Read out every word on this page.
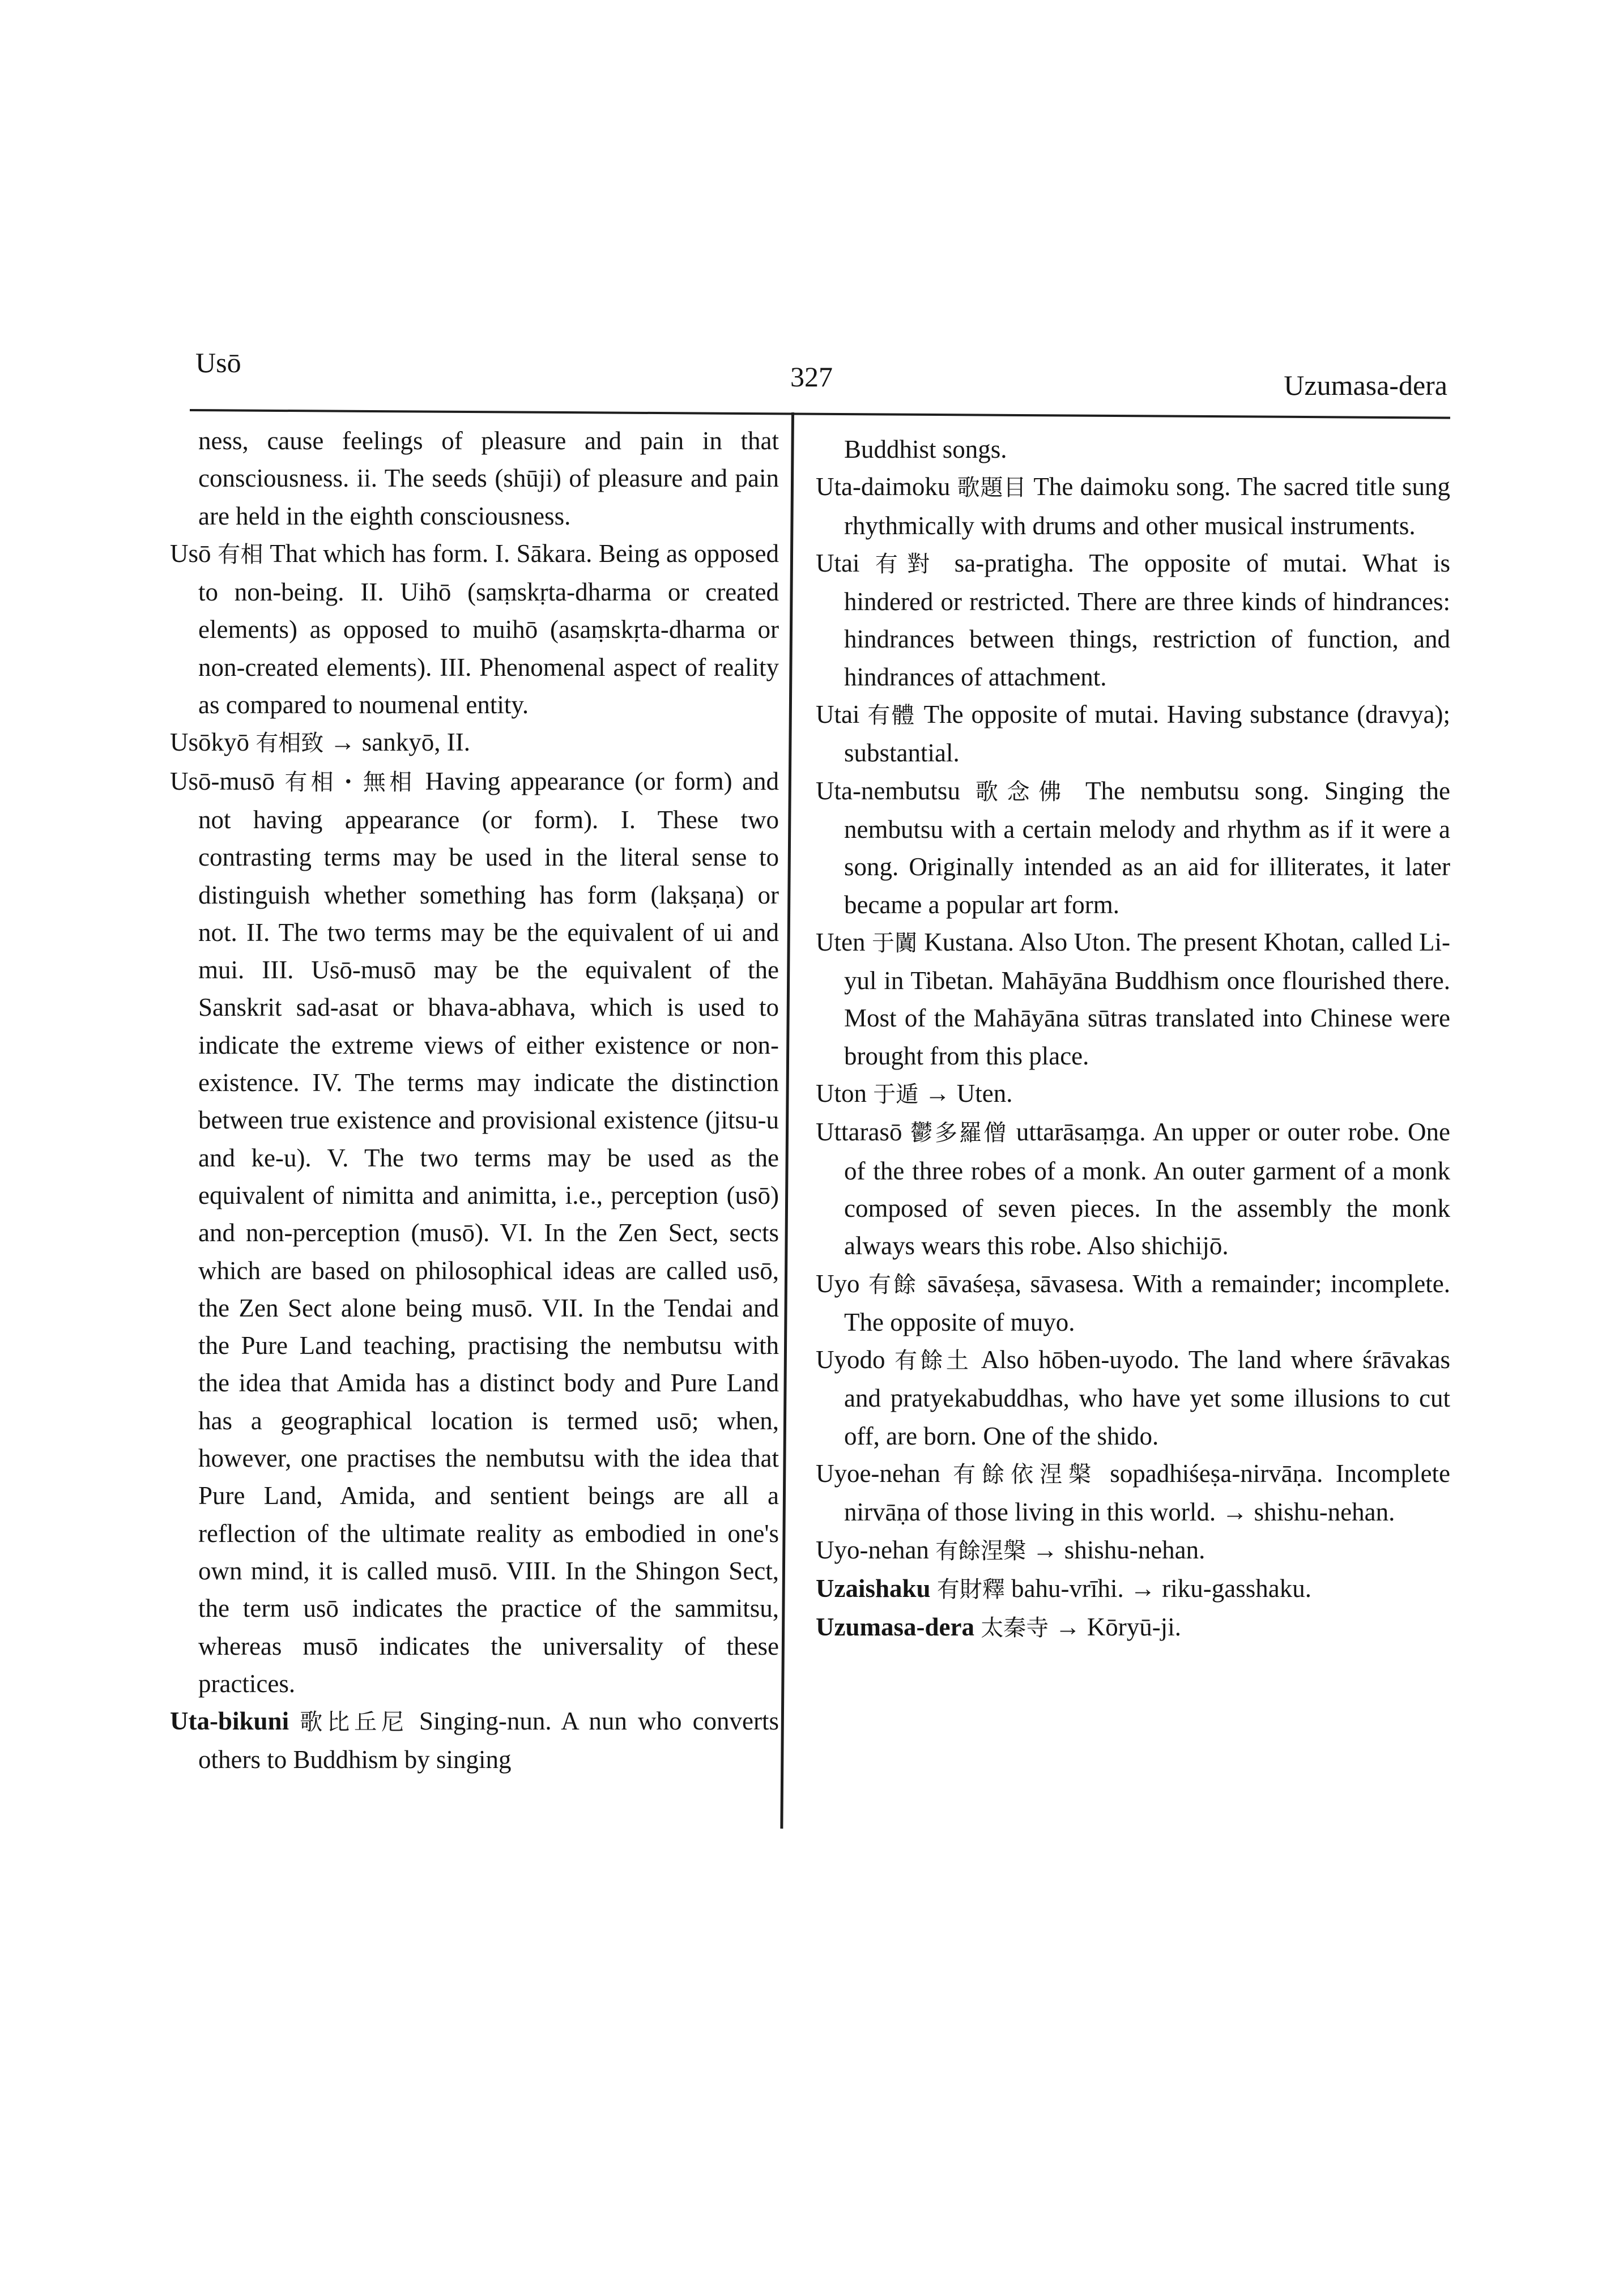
Usō	327	Uzumasa-dera

ness, cause feelings of pleasure and pain in that consciousness. ii. The seeds (shūji) of pleasure and pain are held in the eighth consciousness.

Usō 有相 That which has form. I. Sākara. Being as opposed to non-being. II. Uihō (saṃskṛta-dharma or created elements) as opposed to muihō (asaṃskṛta-dharma or non-created elements). III. Phenomenal aspect of reality as compared to noumenal entity.

Usōkyō 有相致 → sankyō, II.

Usō-musō 有相・無相 Having appearance (or form) and not having appearance (or form). I. These two contrasting terms may be used in the literal sense to distinguish whether something has form (lakṣaṇa) or not. II. The two terms may be the equivalent of ui and mui. III. Usō-musō may be the equivalent of the Sanskrit sad-asat or bhava-abhava, which is used to indicate the extreme views of either existence or non-existence. IV. The terms may indicate the distinction between true existence and provisional existence (jitsu-u and ke-u). V. The two terms may be used as the equivalent of nimitta and animitta, i.e., perception (usō) and non-perception (musō). VI. In the Zen Sect, sects which are based on philosophical ideas are called usō, the Zen Sect alone being musō. VII. In the Tendai and the Pure Land teaching, practising the nembutsu with the idea that Amida has a distinct body and Pure Land has a geographical location is termed usō; when, however, one practises the nembutsu with the idea that Pure Land, Amida, and sentient beings are all a reflection of the ultimate reality as embodied in one's own mind, it is called musō. VIII. In the Shingon Sect, the term usō indicates the practice of the sammitsu, whereas musō indicates the universality of these practices.

Uta-bikuni 歌比丘尼 Singing-nun. A nun who converts others to Buddhism by singing

Buddhist songs.

Uta-daimoku 歌題目 The daimoku song. The sacred title sung rhythmically with drums and other musical instruments.

Utai 有對 sa-pratigha. The opposite of mutai. What is hindered or restricted. There are three kinds of hindrances: hindrances between things, restriction of function, and hindrances of attachment.

Utai 有體 The opposite of mutai. Having substance (dravya); substantial.

Uta-nembutsu 歌念佛 The nembutsu song. Singing the nembutsu with a certain melody and rhythm as if it were a song. Originally intended as an aid for illiterates, it later became a popular art form.

Uten 于闐 Kustana. Also Uton. The present Khotan, called Li-yul in Tibetan. Mahāyāna Buddhism once flourished there. Most of the Mahāyāna sūtras translated into Chinese were brought from this place.

Uton 于遁 → Uten.

Uttarasō 鬱多羅僧 uttarāsaṃga. An upper or outer robe. One of the three robes of a monk. An outer garment of a monk composed of seven pieces. In the assembly the monk always wears this robe. Also shichijō.

Uyo 有餘 sāvaśeṣa, sāvasesa. With a remainder; incomplete. The opposite of muyo.

Uyodo 有餘土 Also hōben-uyodo. The land where śrāvakas and pratyekabuddhas, who have yet some illusions to cut off, are born. One of the shido.

Uyoe-nehan 有餘依涅槃 sopadhiśeṣa-nirvāṇa. Incomplete nirvāṇa of those living in this world. → shishu-nehan.

Uyo-nehan 有餘涅槃 → shishu-nehan.

Uzaishaku 有財釋 bahu-vrīhi. → riku-gasshaku.

Uzumasa-dera 太秦寺 → Kōryū-ji.
